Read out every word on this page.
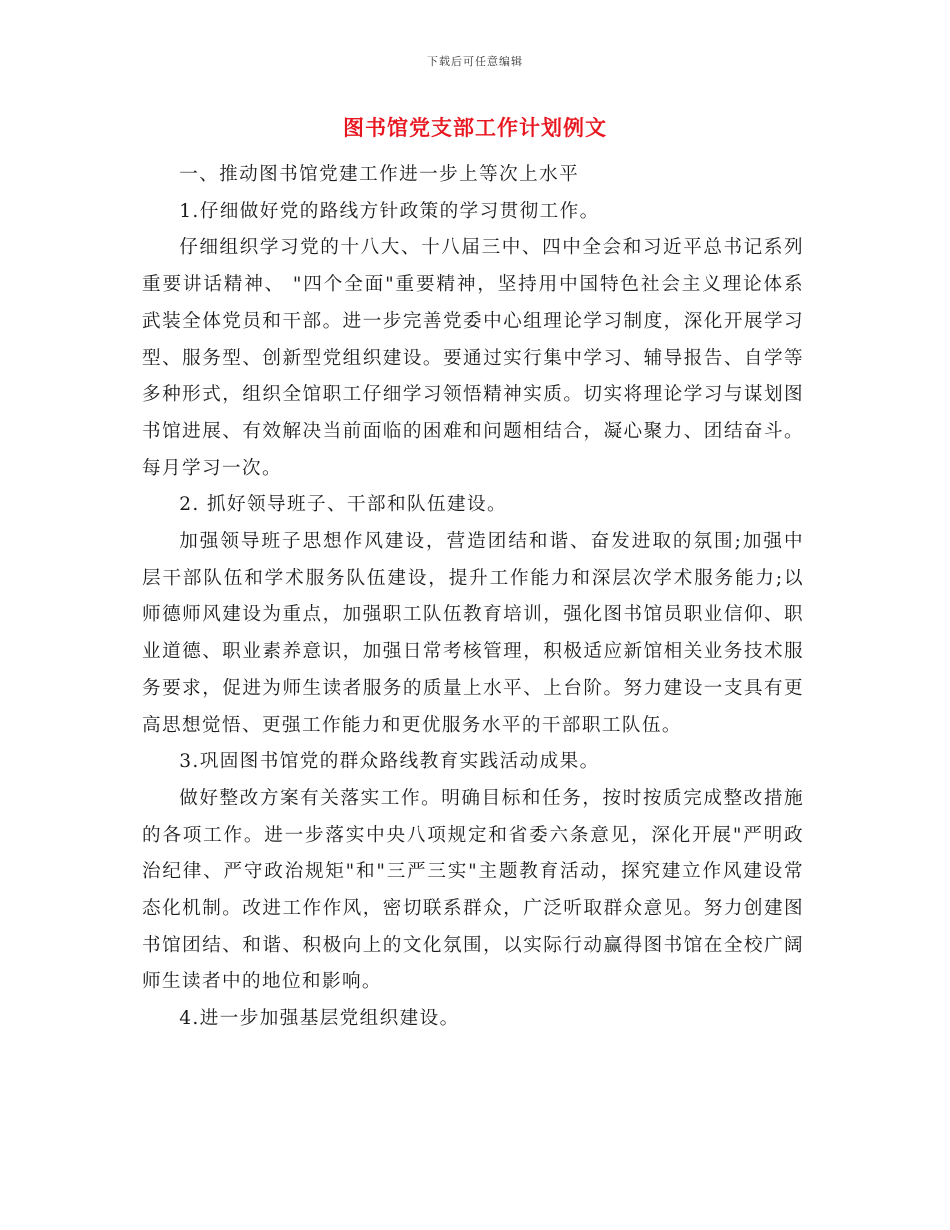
下载后可任意编辑
图书馆党支部工作计划例文

一、推动图书馆党建工作进一步上等次上水平

1.仔细做好党的路线方针政策的学习贯彻工作。

仔细组织学习党的十八大、十八届三中、四中全会和习近平总书记系列重要讲话精神、 "四个全面"重要精神，坚持用中国特色社会主义理论体系武装全体党员和干部。进一步完善党委中心组理论学习制度，深化开展学习型、服务型、创新型党组织建设。要通过实行集中学习、辅导报告、自学等多种形式，组织全馆职工仔细学习领悟精神实质。切实将理论学习与谋划图书馆进展、有效解决当前面临的困难和问题相结合，凝心聚力、团结奋斗。每月学习一次。

2. 抓好领导班子、干部和队伍建设。

加强领导班子思想作风建设，营造团结和谐、奋发进取的氛围;加强中层干部队伍和学术服务队伍建设，提升工作能力和深层次学术服务能力;以师德师风建设为重点，加强职工队伍教育培训，强化图书馆员职业信仰、职业道德、职业素养意识，加强日常考核管理，积极适应新馆相关业务技术服务要求，促进为师生读者服务的质量上水平、上台阶。努力建设一支具有更高思想觉悟、更强工作能力和更优服务水平的干部职工队伍。

3.巩固图书馆党的群众路线教育实践活动成果。

做好整改方案有关落实工作。明确目标和任务，按时按质完成整改措施的各项工作。进一步落实中央八项规定和省委六条意见，深化开展"严明政治纪律、严守政治规矩"和"三严三实"主题教育活动，探究建立作风建设常态化机制。改进工作作风，密切联系群众，广泛听取群众意见。努力创建图书馆团结、和谐、积极向上的文化氛围，以实际行动赢得图书馆在全校广阔师生读者中的地位和影响。

4.进一步加强基层党组织建设。
